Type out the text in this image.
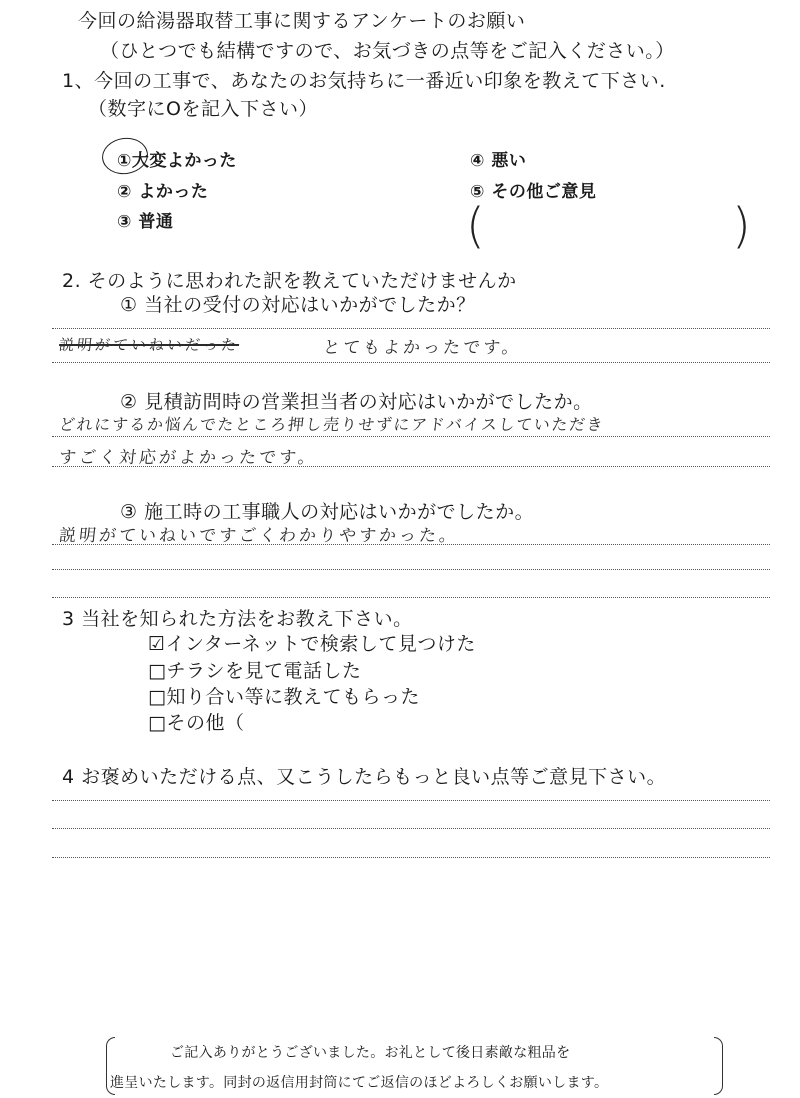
今回の給湯器取替工事に関するアンケートのお願い
（ひとつでも結構ですので、お気づきの点等をご記入ください。）
1、今回の工事で、あなたのお気持ちに一番近い印象を教えて下さい.
（数字にOを記入下さい）
①大変よかった
② よかった
③ 普通
④ 悪い
⑤ その他ご意見
(	)
2. そのように思われた訳を教えていただけませんか
① 当社の受付の対応はいかがでしたか？
説明がていねいだった	とてもよかったです。
② 見積訪問時の営業担当者の対応はいかがでしたか。
どれにするか悩んでたところ押し売りせずにアドバイスしていただき
すごく対応がよかったです。
③ 施工時の工事職人の対応はいかがでしたか。
説明がていねいですごくわかりやすかった。
3 当社を知られた方法をお教え下さい。
☑インターネットで検索して見つけた
□チラシを見て電話した
□知り合い等に教えてもらった
□その他（
4 お褒めいただける点、又こうしたらもっと良い点等ご意見下さい。
ご記入ありがとうございました。お礼として後日素敵な粗品を
進呈いたします。同封の返信用封筒にてご返信のほどよろしくお願いします。
